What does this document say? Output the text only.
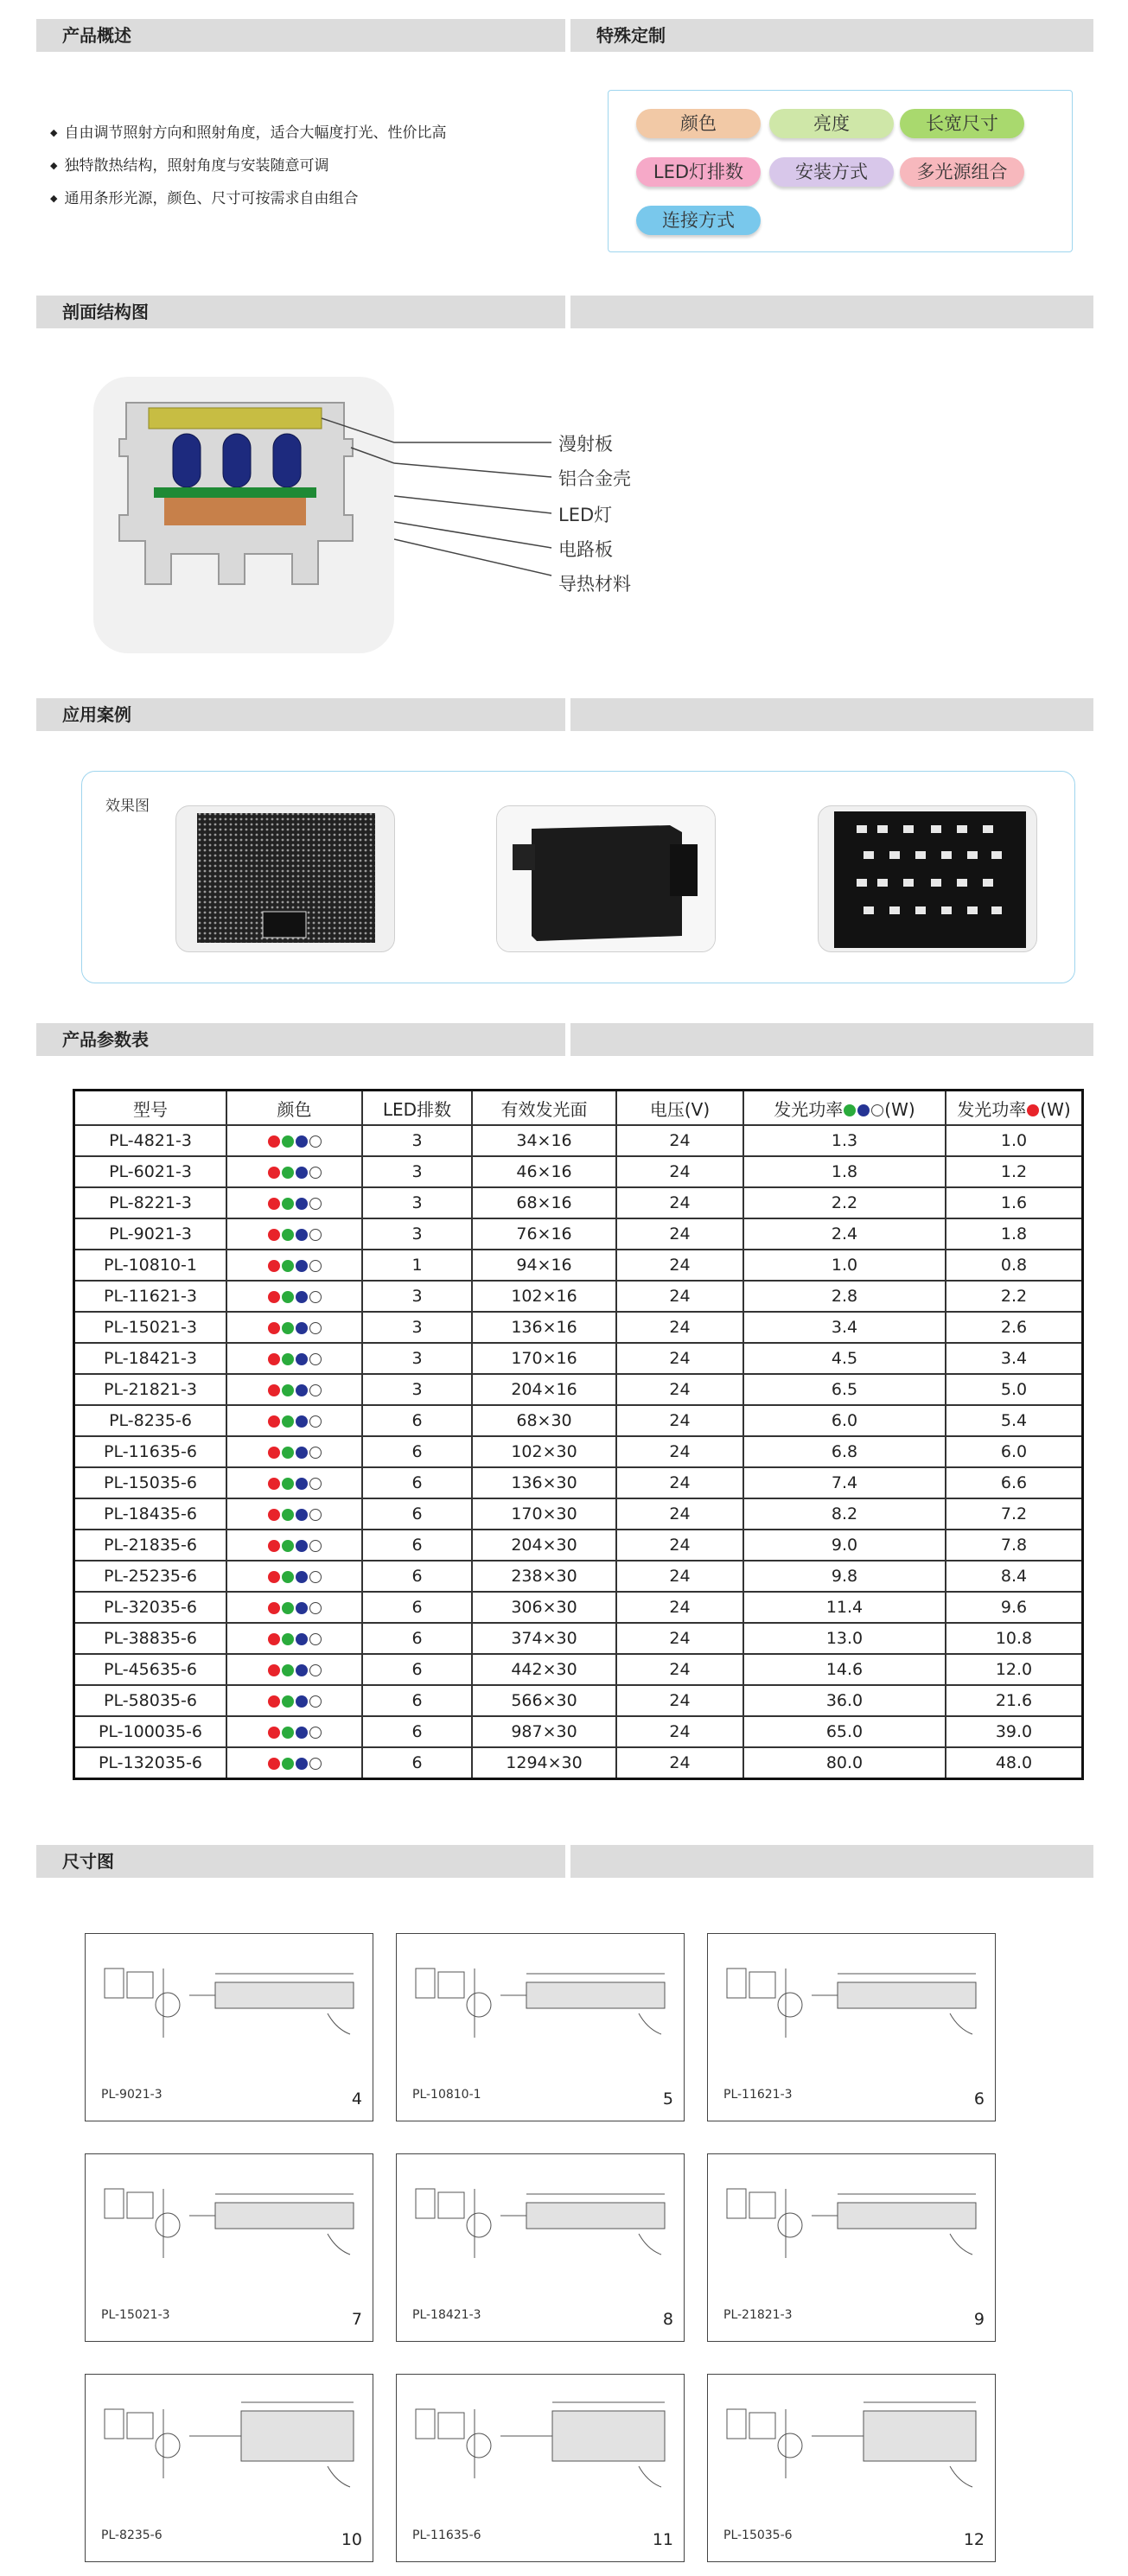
产品概述	特殊定制
◆ 自由调节照射方向和照射角度，适合大幅度打光、性价比高
◆ 独特散热结构，照射角度与安装随意可调
◆ 通用条形光源，颜色、尺寸可按需求自由组合
颜色	亮度	长宽尺寸
LED灯排数	安装方式	多光源组合
连接方式
剖面结构图
漫射板
铝合金壳
LED灯
电路板
导热材料
应用案例
效果图
产品参数表
型号	颜色	LED排数	有效发光面	电压(V)	发光功率 (W)	发光功率 (W)
PL-4821-3		3	34×16	24	1.3	1.0
PL-6021-3		3	46×16	24	1.8	1.2
PL-8221-3		3	68×16	24	2.2	1.6
PL-9021-3		3	76×16	24	2.4	1.8
PL-10810-1		1	94×16	24	1.0	0.8
PL-11621-3		3	102×16	24	2.8	2.2
PL-15021-3		3	136×16	24	3.4	2.6
PL-18421-3		3	170×16	24	4.5	3.4
PL-21821-3		3	204×16	24	6.5	5.0
PL-8235-6		6	68×30	24	6.0	5.4
PL-11635-6		6	102×30	24	6.8	6.0
PL-15035-6		6	136×30	24	7.4	6.6
PL-18435-6		6	170×30	24	8.2	7.2
PL-21835-6		6	204×30	24	9.0	7.8
PL-25235-6		6	238×30	24	9.8	8.4
PL-32035-6		6	306×30	24	11.4	9.6
PL-38835-6		6	374×30	24	13.0	10.8
PL-45635-6		6	442×30	24	14.6	12.0
PL-58035-6		6	566×30	24	36.0	21.6
PL-100035-6		6	987×30	24	65.0	39.0
PL-132035-6		6	1294×30	24	80.0	48.0
尺寸图
PL-9021-3	4	PL-10810-1	5	PL-11621-3	6
PL-15021-3	7	PL-18421-3	8	PL-21821-3	9
PL-8235-6	10	PL-11635-6	11	PL-15035-6	12
